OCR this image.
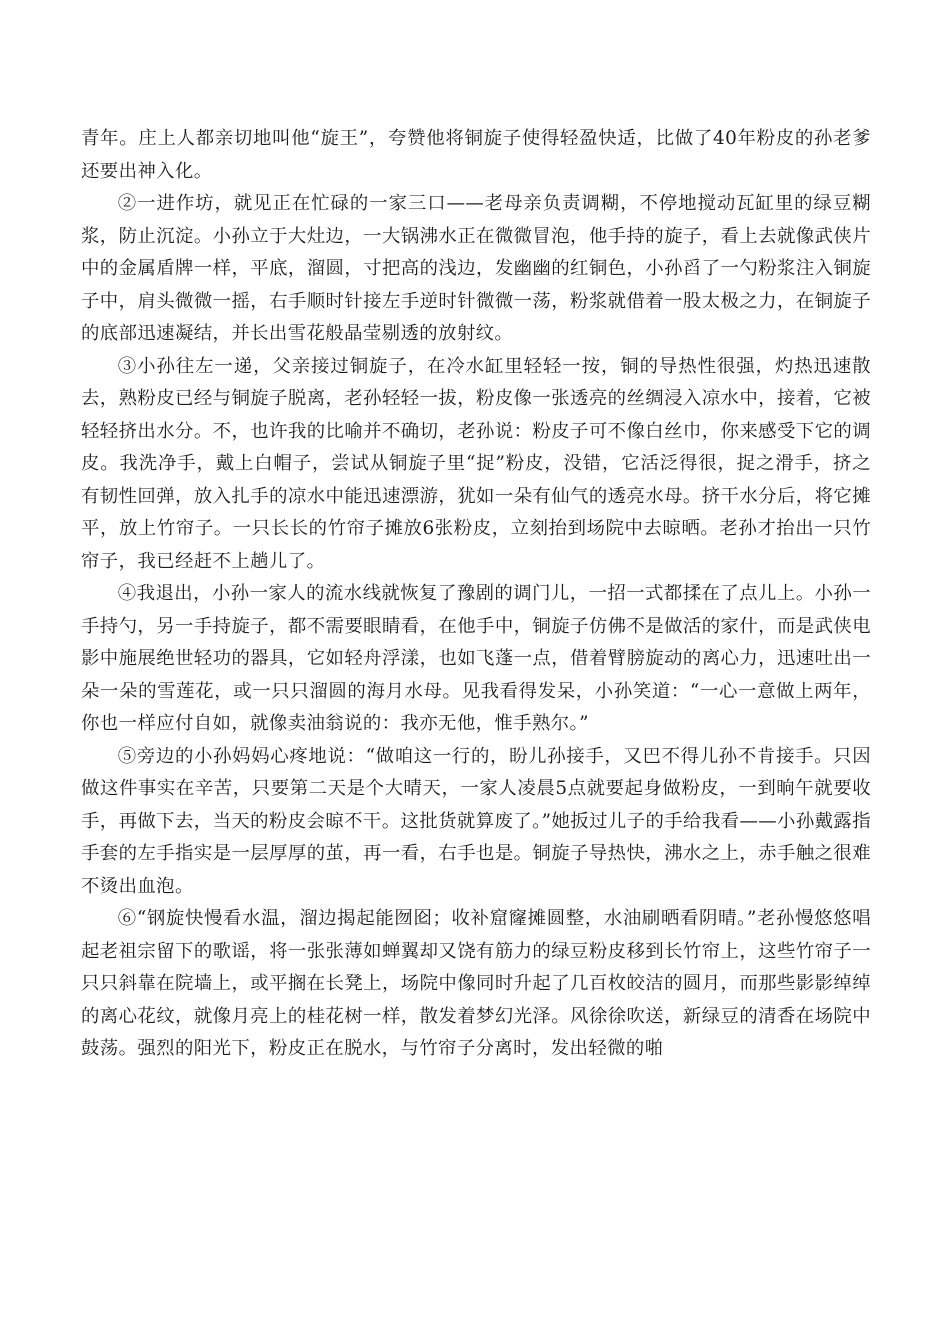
青年。庄上人都亲切地叫他“旋王”，夸赞他将铜旋子使得轻盈快适，比做了40年粉皮的孙老爹还要出神入化。

②一进作坊，就见正在忙碌的一家三口——老母亲负责调糊，不停地搅动瓦缸里的绿豆糊浆，防止沉淀。小孙立于大灶边，一大锅沸水正在微微冒泡，他手持的旋子，看上去就像武侠片中的金属盾牌一样，平底，溜圆，寸把高的浅边，发幽幽的红铜色，小孙舀了一勺粉浆注入铜旋子中，肩头微微一摇，右手顺时针接左手逆时针微微一荡，粉浆就借着一股太极之力，在铜旋子的底部迅速凝结，并长出雪花般晶莹剔透的放射纹。

③小孙往左一递，父亲接过铜旋子，在冷水缸里轻轻一按，铜的导热性很强，灼热迅速散去，熟粉皮已经与铜旋子脱离，老孙轻轻一拔，粉皮像一张透亮的丝绸浸入凉水中，接着，它被轻轻挤出水分。不，也许我的比喻并不确切，老孙说：粉皮子可不像白丝巾，你来感受下它的调皮。我洗净手，戴上白帽子，尝试从铜旋子里“捉”粉皮，没错，它活泛得很，捉之滑手，挤之有韧性回弹，放入扎手的凉水中能迅速漂游，犹如一朵有仙气的透亮水母。挤干水分后，将它摊平，放上竹帘子。一只长长的竹帘子摊放6张粉皮，立刻抬到场院中去晾晒。老孙才抬出一只竹帘子，我已经赶不上趟儿了。

④我退出，小孙一家人的流水线就恢复了豫剧的调门儿，一招一式都揉在了点儿上。小孙一手持勺，另一手持旋子，都不需要眼睛看，在他手中，铜旋子仿佛不是做活的家什，而是武侠电影中施展绝世轻功的器具，它如轻舟浮漾，也如飞蓬一点，借着臂膀旋动的离心力，迅速吐出一朵一朵的雪莲花，或一只只溜圆的海月水母。见我看得发呆，小孙笑道：“一心一意做上两年，你也一样应付自如，就像卖油翁说的：我亦无他，惟手熟尔。”

⑤旁边的小孙妈妈心疼地说：“做咱这一行的，盼儿孙接手，又巴不得儿孙不肯接手。只因做这件事实在辛苦，只要第二天是个大晴天，一家人凌晨5点就要起身做粉皮，一到晌午就要收手，再做下去，当天的粉皮会晾不干。这批货就算废了。”她扳过儿子的手给我看——小孙戴露指手套的左手指实是一层厚厚的茧，再一看，右手也是。铜旋子导热快，沸水之上，赤手触之很难不烫出血泡。

⑥“钢旋快慢看水温，溜边揭起能囫囵；收补窟窿摊圆整，水油刷晒看阴晴。”老孙慢悠悠唱起老祖宗留下的歌谣，将一张张薄如蝉翼却又饶有筋力的绿豆粉皮移到长竹帘上，这些竹帘子一只只斜靠在院墙上，或平搁在长凳上，场院中像同时升起了几百枚皎洁的圆月，而那些影影绰绰的离心花纹，就像月亮上的桂花树一样，散发着梦幻光泽。风徐徐吹送，新绿豆的清香在场院中鼓荡。强烈的阳光下，粉皮正在脱水，与竹帘子分离时，发出轻微的啪
